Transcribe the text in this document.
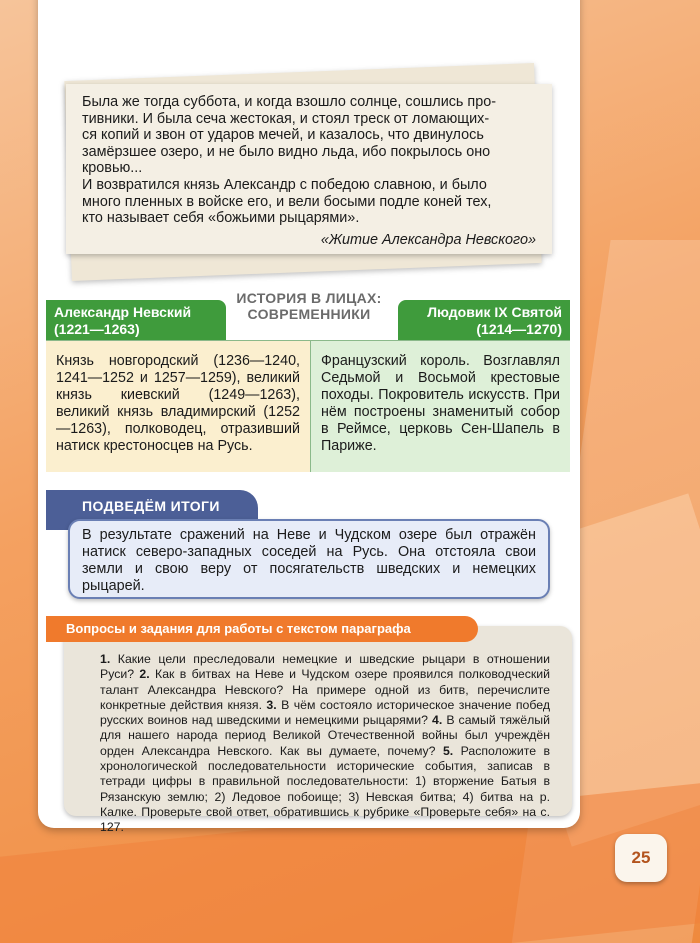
Была же тогда суббота, и когда взошло солнце, сошлись про-

тивники. И была сеча жестокая, и стоял треск от ломающих-

ся копий и звон от ударов мечей, и казалось, что двинулось

замёрзшее озеро, и не было видно льда, ибо покрылось оно

кровью...

И возвратился князь Александр с победою славною, и было

много пленных в войске его, и вели босыми подле коней тех,

кто называет себя «божьими рыцарями».

«Житие Александра Невского»
ИСТОРИЯ В ЛИЦАХ:
СОВРЕМЕННИКИ
Александр Невский
(1221—1263)
Людовик IX Святой
(1214—1270)
Князь новгородский (1236—1240, 1241—1252 и 1257—1259), великий князь киевский (1249—1263), великий князь владимирский (1252—1263), полководец, отразивший натиск крестоносцев на Русь.
Французский король. Возглавлял Седьмой и Восьмой крестовые походы. Покровитель искусств. При нём построены знаменитый собор в Реймсе, церковь Сен-Шапель в Париже.
ПОДВЕДЁМ ИТОГИ
В результате сражений на Неве и Чудском озере был отражён натиск северо-западных соседей на Русь. Она отстояла свои земли и свою веру от посягательств шведских и немецких рыцарей.
Вопросы и задания для работы с текстом параграфа
1. Какие цели преследовали немецкие и шведские рыцари в отношении Руси? 2. Как в битвах на Неве и Чудском озере проявился полководческий талант Александра Невского? На примере одной из битв, перечислите конкретные действия князя. 3. В чём состояло историческое значение побед русских воинов над шведскими и немецкими рыцарями? 4. В самый тяжёлый для нашего народа период Великой Отечественной войны был учреждён орден Александра Невского. Как вы думаете, почему? 5. Расположите в хронологической последовательности исторические события, записав в тетради цифры в правильной последовательности: 1) вторжение Батыя в Рязанскую землю; 2) Ледовое побоище; 3) Невская битва; 4) битва на р. Калке. Проверьте свой ответ, обратившись к рубрике «Проверьте себя» на с. 127.
25
